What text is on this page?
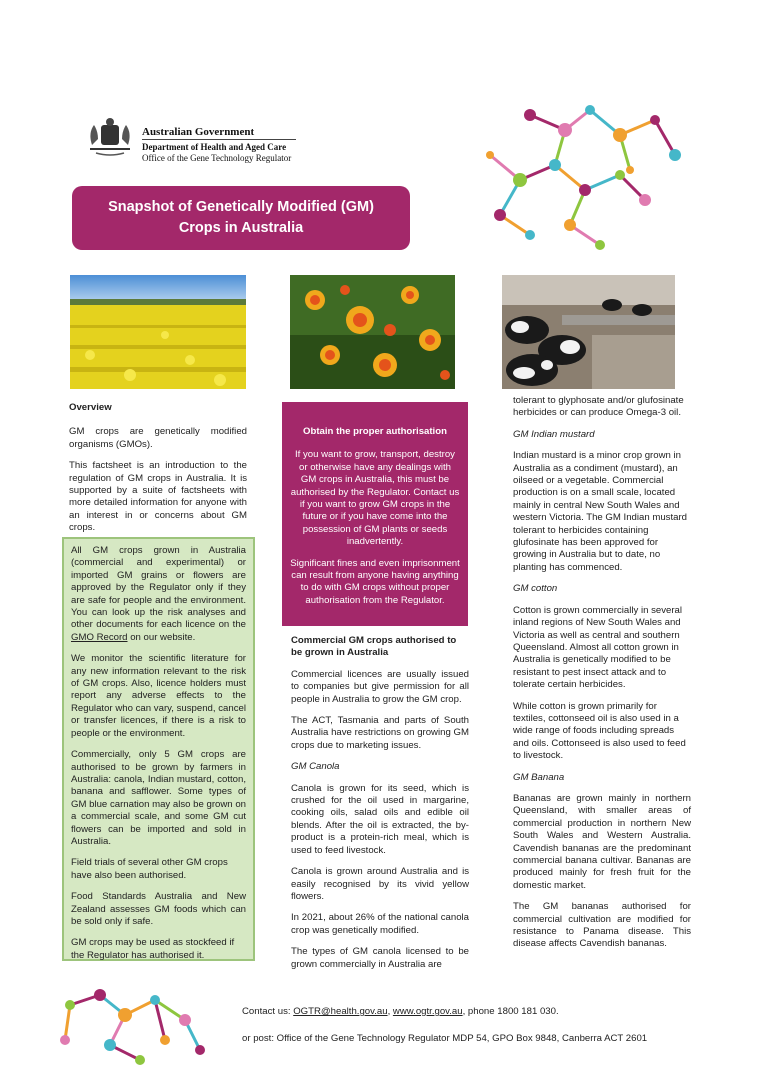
Australian Government
Department of Health and Aged Care
Office of the Gene Technology Regulator
Snapshot of Genetically Modified (GM)
Crops in Australia
Overview

GM crops are genetically modified organisms (GMOs).

This factsheet is an introduction to the regulation of GM crops in Australia. It is supported by a suite of factsheets with more detailed information for anyone with an interest in or concerns about GM crops.

All GM crops grown in Australia (commercial and experimental) or imported GM grains or flowers are approved by the Regulator only if they are safe for people and the environment. You can look up the risk analyses and other documents for each licence on the GMO Record on our website.

We monitor the scientific literature for any new information relevant to the risk of GM crops. Also, licence holders must report any adverse effects to the Regulator who can vary, suspend, cancel or transfer licences, if there is a risk to people or the environment.

Commercially, only 5 GM crops are authorised to be grown by farmers in Australia: canola, Indian mustard, cotton, banana and safflower. Some types of GM blue carnation may also be grown on a commercial scale, and some GM cut flowers can be imported and sold in Australia.

Field trials of several other GM crops have also been authorised.

Food Standards Australia and New Zealand assesses GM foods which can be sold only if safe.

GM crops may be used as stockfeed if the Regulator has authorised it.

Obtain the proper authorisation

If you want to grow, transport, destroy or otherwise have any dealings with GM crops in Australia, this must be authorised by the Regulator. Contact us if you want to grow GM crops in the future or if you have come into the possession of GM plants or seeds inadvertently.

Significant fines and even imprisonment can result from anyone having anything to do with GM crops without proper authorisation from the Regulator.

Commercial GM crops authorised to be grown in Australia

Commercial licences are usually issued to companies but give permission for all people in Australia to grow the GM crop.

The ACT, Tasmania and parts of South Australia have restrictions on growing GM crops due to marketing issues.

GM Canola

Canola is grown for its seed, which is crushed for the oil used in margarine, cooking oils, salad oils and edible oil blends. After the oil is extracted, the by-product is a protein-rich meal, which is used to feed livestock.

Canola is grown around Australia and is easily recognised by its vivid yellow flowers.

In 2021, about 26% of the national canola crop was genetically modified.

The types of GM canola licensed to be grown commercially in Australia are

tolerant to glyphosate and/or glufosinate herbicides or can produce Omega-3 oil.

GM Indian mustard

Indian mustard is a minor crop grown in Australia as a condiment (mustard), an oilseed or a vegetable. Commercial production is on a small scale, located mainly in central New South Wales and western Victoria. The GM Indian mustard tolerant to herbicides containing glufosinate has been approved for growing in Australia but to date, no planting has commenced.

GM cotton

Cotton is grown commercially in several inland regions of New South Wales and Victoria as well as central and southern Queensland. Almost all cotton grown in Australia is genetically modified to be resistant to pest insect attack and to tolerate certain herbicides.

While cotton is grown primarily for textiles, cottonseed oil is also used in a wide range of foods including spreads and oils. Cottonseed is also used to feed to livestock.

GM Banana

Bananas are grown mainly in northern Queensland, with smaller areas of commercial production in northern New South Wales and Western Australia. Cavendish bananas are the predominant commercial banana cultivar. Bananas are produced mainly for fresh fruit for the domestic market.

The GM bananas authorised for commercial cultivation are modified for resistance to Panama disease. This disease affects Cavendish bananas.

Contact us: OGTR@health.gov.au, www.ogtr.gov.au, phone 1800 181 030.
or post: Office of the Gene Technology Regulator MDP 54, GPO Box 9848, Canberra ACT 2601
